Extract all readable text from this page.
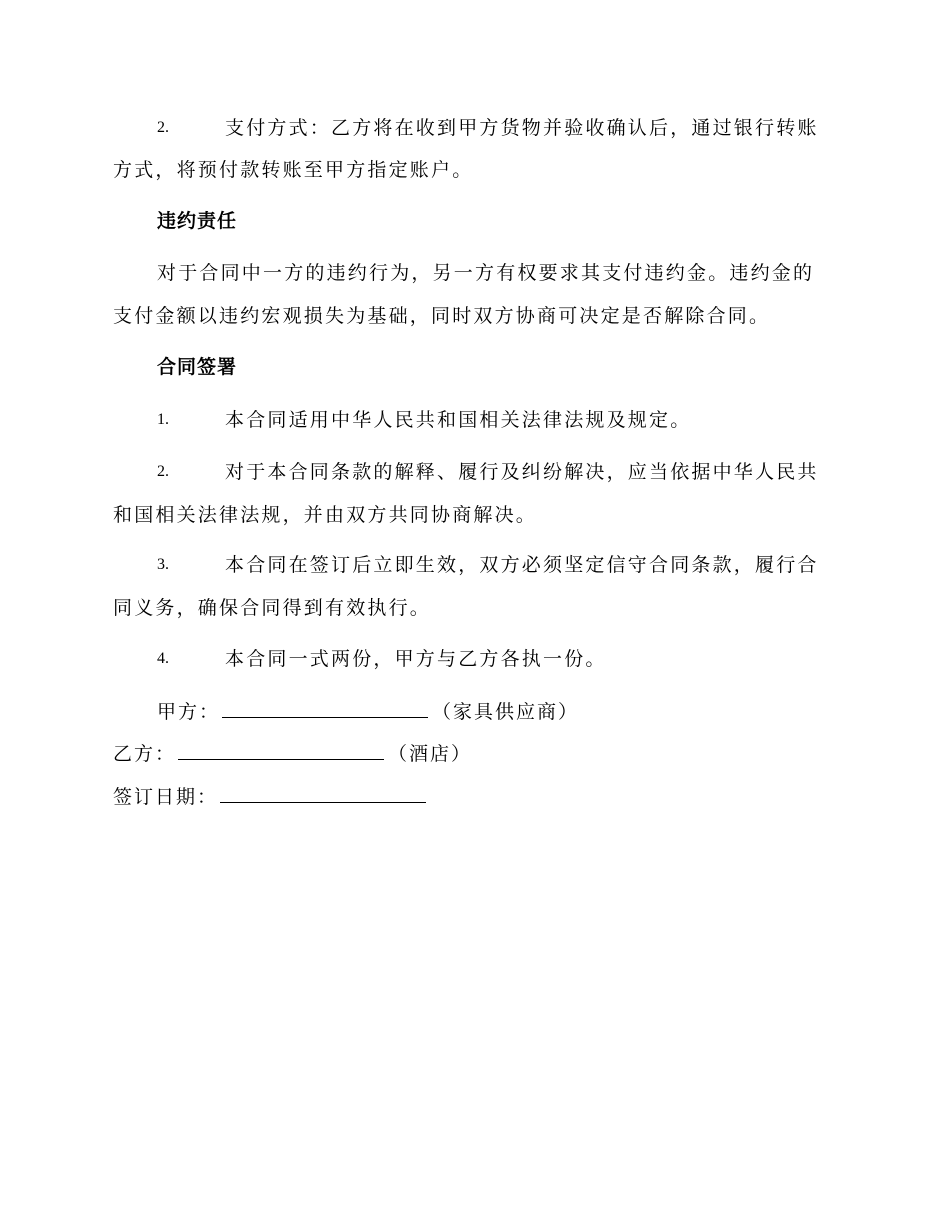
2.	支付方式：乙方将在收到甲方货物并验收确认后，通过银行转账
方式，将预付款转账至甲方指定账户。
违约责任
对于合同中一方的违约行为，另一方有权要求其支付违约金。违约金的
支付金额以违约宏观损失为基础，同时双方协商可决定是否解除合同。
合同签署
1.	本合同适用中华人民共和国相关法律法规及规定。
2.	对于本合同条款的解释、履行及纠纷解决，应当依据中华人民共
和国相关法律法规，并由双方共同协商解决。
3.	本合同在签订后立即生效，双方必须坚定信守合同条款，履行合
同义务，确保合同得到有效执行。
4.	本合同一式两份，甲方与乙方各执一份。
甲方：	（家具供应商）
乙方：	（酒店）
签订日期：
